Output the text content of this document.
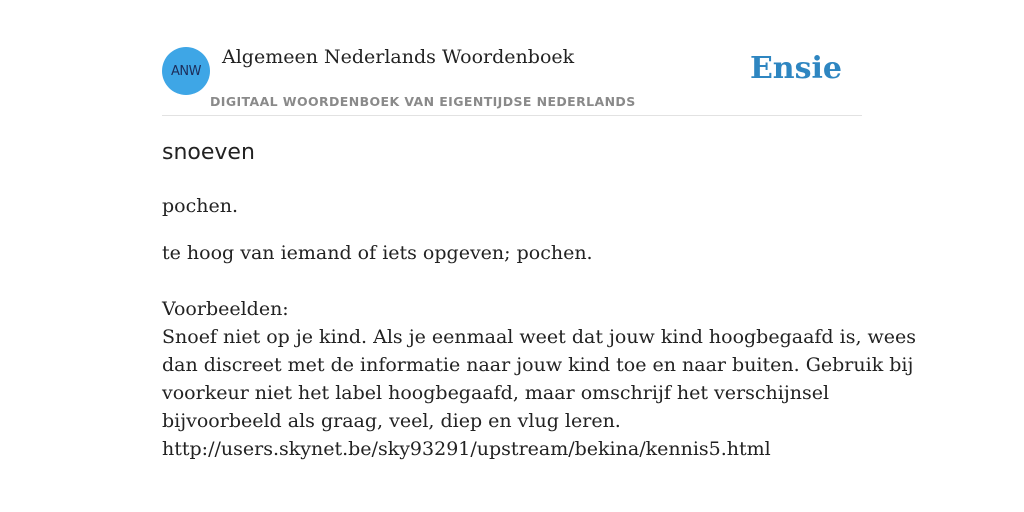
ANW
Algemeen Nederlands Woordenboek
DIGITAAL WOORDENBOEK VAN EIGENTIJDSE NEDERLANDS
Ensie
snoeven
pochen.
te hoog van iemand of iets opgeven; pochen.
Voorbeelden:
Snoef niet op je kind. Als je eenmaal weet dat jouw kind hoogbegaafd is, wees
dan discreet met de informatie naar jouw kind toe en naar buiten. Gebruik bij
voorkeur niet het label hoogbegaafd, maar omschrijf het verschijnsel
bijvoorbeeld als graag, veel, diep en vlug leren.
http://users.skynet.be/sky93291/upstream/bekina/kennis5.html
